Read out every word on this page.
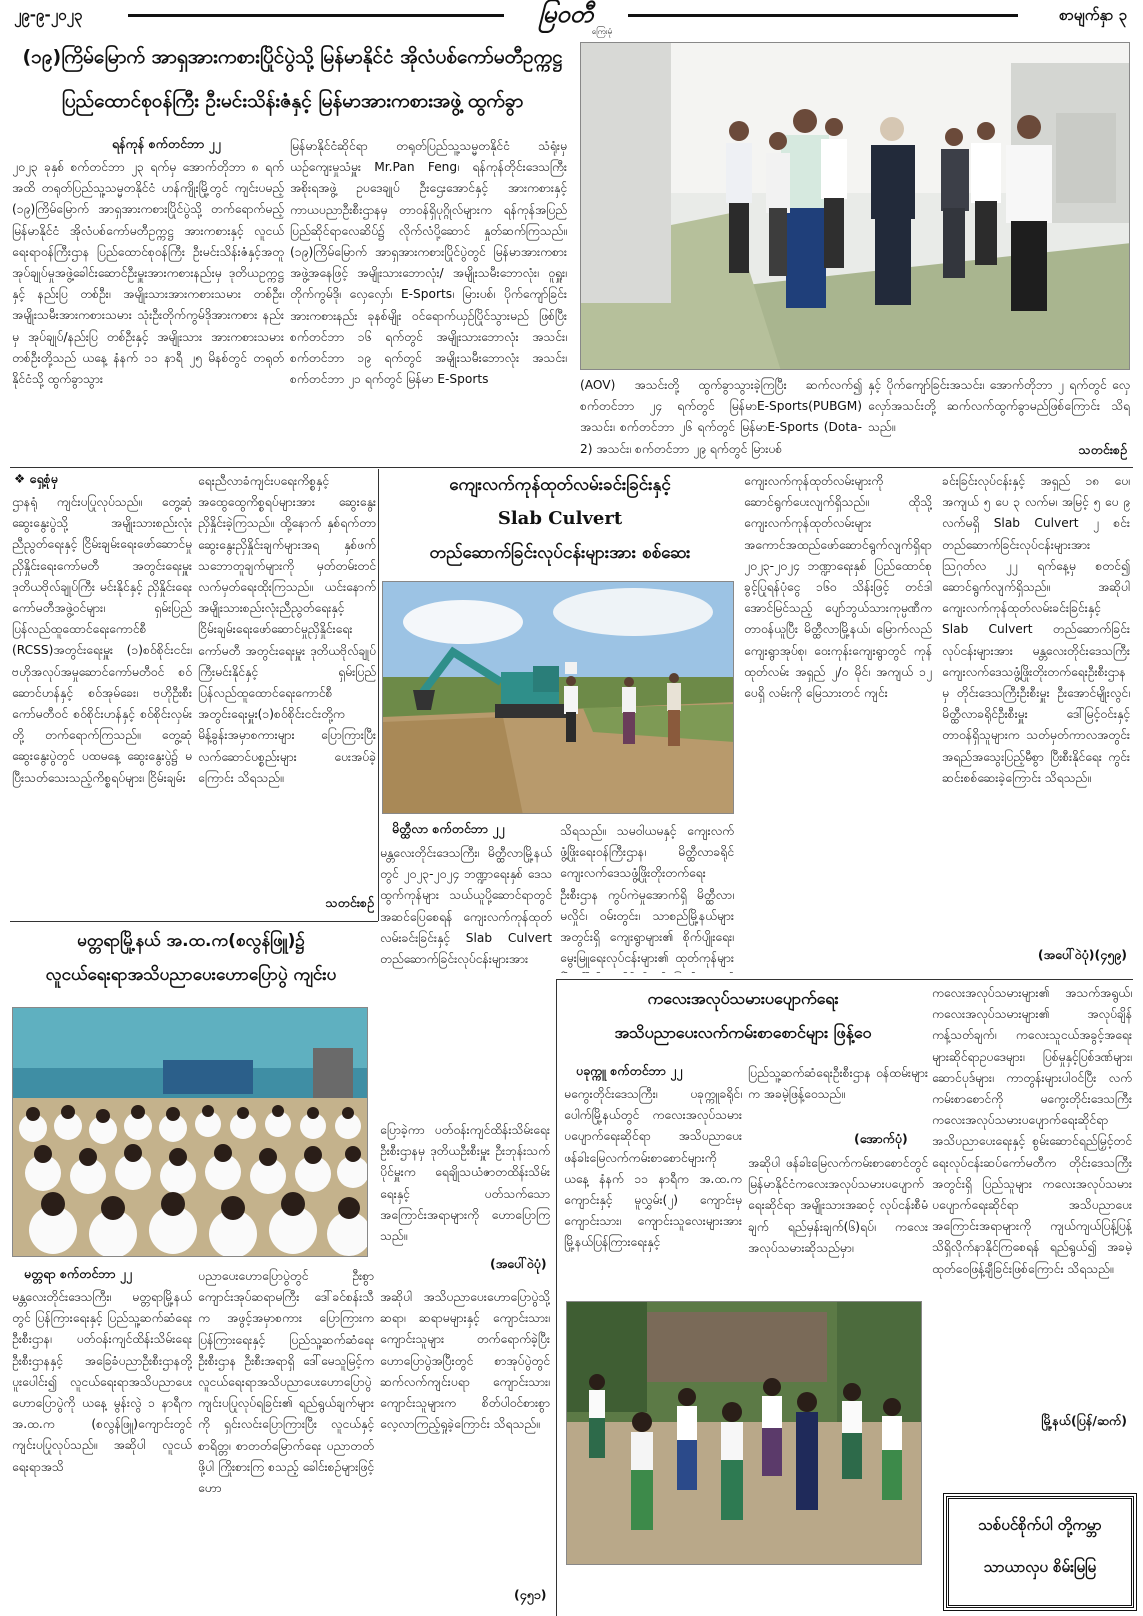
၂၉-၉-၂၀၂၃	မြဝတီ
ကြေးမုံ
စာမျက်နှာ ၃
(၁၉)ကြိမ်မြောက် အာရှအားကစားပြိုင်ပွဲသို့ မြန်မာနိုင်ငံ အိုလံပစ်ကော်မတီဥက္ကဋ္ဌ
ပြည်ထောင်စုဝန်ကြီး ဦးမင်းသိန်းဇံနှင့် မြန်မာအားကစားအဖွဲ့ ထွက်ခွာ
ရန်ကုန် စက်တင်ဘာ ၂၂
၂၀၂၃ ခုနှစ် စက်တင်ဘာ ၂၃ ရက်မှ အောက်တိုဘာ ၈ ရက်အထိ တရုတ်ပြည်သူ့သမ္မတနိုင်ငံ ဟန်ကျိုးမြို့တွင် ကျင်းပမည့် (၁၉)ကြိမ်မြောက် အာရှအားကစားပြိုင်ပွဲသို့ တက်ရောက်မည့် မြန်မာနိုင်ငံ အိုလံပစ်ကော်မတီဥက္ကဋ္ဌ အားကစားနှင့် လူငယ်ရေးရာဝန်ကြီးဌာန ပြည်ထောင်စုဝန်ကြီး ဦးမင်းသိန်းဇံနှင့်အတူ အုပ်ချုပ်မှုအဖွဲ့ခေါင်းဆောင်ဦးမှူးအားကစားနည်းမှ ဒုတိယဥက္ကဋ္ဌနှင့် နည်းပြ တစ်ဦး၊ အမျိုးသားအားကစားသမား တစ်ဦး၊ အမျိုးသမီးအားကစားသမား သုံးဦးတိုက်ကွမ်ဒိုအားကစား နည်းမှ အုပ်ချုပ်/နည်းပြ တစ်ဦးနှင့် အမျိုးသား အားကစားသမား တစ်ဦးတို့သည် ယနေ့ နံနက် ၁၁ နာရီ ၂၅ မိနစ်တွင် တရုတ်နိုင်ငံသို့ ထွက်ခွာသွား
မြန်မာနိုင်ငံဆိုင်ရာ တရုတ်ပြည်သူ့သမ္မတနိုင်ငံ သံရုံးမှ ယဉ်ကျေးမှုသံမှူး Mr.Pan Feng၊ ရန်ကုန်တိုင်းဒေသကြီးအစိုးရအဖွဲ့ ဥပဒေချုပ် ဦးဌေးအောင်နှင့် အားကစားနှင့် ကာယပညာဦးစီးဌာနမှ တာဝန်ရှိပုဂ္ဂိုလ်များက ရန်ကုန်အပြည်ပြည်ဆိုင်ရာလေဆိပ်၌ လိုက်လံပို့ဆောင် နှုတ်ဆက်ကြသည်။ (၁၉)ကြိမ်မြောက် အာရှအားကစားပြိုင်ပွဲတွင် မြန်မာအားကစားအဖွဲ့အနေဖြင့် အမျိုးသားဘောလုံး/ အမျိုးသမီးဘောလုံး၊ ဝူရှူး၊ တိုက်ကွမ်ဒို၊ လှေလှော်၊ E-Sports၊ မြားပစ်၊ ပိုက်ကျော်ခြင်း အားကစားနည်း ခုနစ်မျိုး ဝင်ရောက်ယှဉ်ပြိုင်သွားမည် ဖြစ်ပြီး စက်တင်ဘာ ၁၆ ရက်တွင် အမျိုးသားဘောလုံး အသင်း၊ စက်တင်ဘာ ၁၉ ရက်တွင် အမျိုးသမီးဘောလုံး အသင်း၊ စက်တင်ဘာ ၂၁ ရက်တွင် မြန်မာ E-Sports	(AOV) အသင်းတို့ ထွက်ခွာသွားခဲ့ကြပြီး ဆက်လက်၍ စက်တင်ဘာ ၂၄ ရက်တွင် မြန်မာE-Sports(PUBGM) အသင်း၊ စက်တင်ဘာ ၂၆ ရက်တွင် မြန်မာE-Sports (Dota-2) အသင်း၊ စက်တင်ဘာ ၂၉ ရက်တွင် မြားပစ်
နှင့် ပိုက်ကျော်ခြင်းအသင်း၊ အောက်တိုဘာ ၂ ရက်တွင် လှေလှော်အသင်းတို့ ဆက်လက်ထွက်ခွာမည်ဖြစ်ကြောင်း သိရသည်။
သတင်းစဉ်
❖ ရှေ့စုံမှ
ဌာနရုံ ကျင်းပပြုလုပ်သည်။ တွေ့ဆုံဆွေးနွေးပွဲသို့ အမျိုးသားစည်းလုံးညီညွတ်ရေးနှင့် ငြိမ်းချမ်းရေးဖော်ဆောင်မှု ညှိနှိုင်းရေးကော်မတီ အတွင်းရေးမှူး ဒုတိယဗိုလ်ချုပ်ကြီး မင်းနိုင်နှင့် ညှိနှိုင်းရေးကော်မတီအဖွဲ့ဝင်များ၊ ရှမ်းပြည်ပြန်လည်ထူထောင်ရေးကောင်စီ (RCSS)အတွင်းရေးမှူး (၁)စဝ်စိုင်းငင်း၊ ဗဟိုအလုပ်အမှုဆောင်ကော်မတီဝင် စဝ်ဆောင်ဟန်နှင့် စဝ်အုမ်ခေး၊ ဗဟိုဦးစီးကော်မတီဝင် စဝ်စိုင်းဟန်နှင့် စဝ်စိုင်းလှမ်းတို့ တက်ရောက်ကြသည်။ တွေ့ဆုံဆွေးနွေးပွဲတွင် ပထမနေ့ ဆွေးနွေးပွဲ၌ မပြီးသတ်သေးသည့်ကိစ္စရပ်များ၊ ငြိမ်းချမ်း
ရေးညီလာခံကျင်းပရေးကိစ္စနှင့် အထွေထွေကိစ္စရပ်များအား ဆွေးနွေးညှိနှိုင်းခဲ့ကြသည်။ ထို့နောက် နှစ်ရက်တာ ဆွေးနွေးညှိနှိုင်းချက်များအရ နှစ်ဖက်သဘောတူချက်များကို မှတ်တမ်းတင်လက်မှတ်ရေးထိုးကြသည်။ ယင်းနောက် အမျိုးသားစည်းလုံးညီညွတ်ရေးနှင့် ငြိမ်းချမ်းရေးဖော်ဆောင်မှုညှိနှိုင်းရေးကော်မတီ အတွင်းရေးမှူး ဒုတိယဗိုလ်ချုပ်ကြီးမင်းနိုင်နှင့် ရှမ်းပြည်ပြန်လည်ထူထောင်ရေးကောင်စီ အတွင်းရေးမှူး(၁)စဝ်စိုင်းငင်းတို့က မိန့်ခွန်းအမှာစကားများ ပြောကြားပြီး လက်ဆောင်ပစ္စည်းများ ပေးအပ်ခဲ့ကြောင်း သိရသည်။
သတင်းစဉ်
ကျေးလက်ကုန်ထုတ်လမ်းခင်းခြင်းနှင့်
Slab Culvert
တည်ဆောက်ခြင်းလုပ်ငန်းများအား စစ်ဆေး
မိတ္ထီလာ စက်တင်ဘာ ၂၂
မန္တလေးတိုင်းဒေသကြီး၊ မိတ္ထီလာမြို့နယ်တွင် ၂၀၂၃-၂၀၂၄ ဘဏ္ဍာရေးနှစ် ဒေသထွက်ကုန်များ သယ်ယူပို့ဆောင်ရာတွင် အဆင်ပြေစေရန် ကျေးလက်ကုန်ထုတ်လမ်းခင်းခြင်းနှင့် Slab Culvert တည်ဆောက်ခြင်းလုပ်ငန်းများအား
သိရသည်။ သမဝါယမနှင့် ကျေးလက်ဖွံ့ဖြိုးရေးဝန်ကြီးဌာန၊ မိတ္ထီလာခရိုင်ကျေးလက်ဒေသဖွံ့ဖြိုးတိုးတက်ရေးဦးစီးဌာန ကွပ်ကဲမှုအောက်ရှိ မိတ္ထီလာ၊ မလှိုင်၊ ဝမ်းတွင်း၊ သာစည်မြို့နယ်များအတွင်းရှိ ကျေးရွာများ၏ စိုက်ပျိုးရေး၊ မွေးမြူရေးလုပ်ငန်းများ၏ ထုတ်ကုန်များ
ကျေးလက်ကုန်ထုတ်လမ်းများကို ဆောင်ရွက်ပေးလျက်ရှိသည်။ ထိုသို့ ကျေးလက်ကုန်ထုတ်လမ်းများ အကောင်အထည်ဖော်ဆောင်ရွက်လျက်ရှိရာ ၂၀၂၃-၂၀၂၄ ဘဏ္ဍာရေးနှစ် ပြည်ထောင်စုခွင့်ပြုရန်ပုံငွေ ၁၆၀ သိန်းဖြင့် တင်ဒါအောင်မြင်သည့် ပျော်ဘွယ်သားကုမ္ပဏီက တာဝန်ယူပြီး မိတ္ထီလာမြို့နယ်၊ မြောက်လည်ကျေးရွာအုပ်စု၊ ဝေးကုန်းကျေးရွာတွင် ကုန်ထုတ်လမ်း အရှည် ၂/၀ မိုင်၊ အကျယ် ၁၂ ပေရှိ လမ်းကို မြေသားတင် ကျင်း
ခင်းခြင်းလုပ်ငန်းနှင့် အရှည် ၁၈ ပေ၊ အကျယ် ၅ ပေ ၃ လက်မ၊ အမြင့် ၅ ပေ ၉ လက်မရှိ Slab Culvert ၂ စင်း တည်ဆောက်ခြင်းလုပ်ငန်းများအား ဩဂုတ်လ ၂၂ ရက်နေ့မှ စတင်၍ ဆောင်ရွက်လျက်ရှိသည်။ အဆိုပါ ကျေးလက်ကုန်ထုတ်လမ်းခင်းခြင်းနှင့် Slab Culvert တည်ဆောက်ခြင်းလုပ်ငန်းများအား မန္တလေးတိုင်းဒေသကြီး ကျေးလက်ဒေသဖွံ့ဖြိုးတိုးတက်ရေးဦးစီးဌာနမှ တိုင်းဒေသကြီးဦးစီးမှူး ဦးအောင်မျိုးလွင်၊ မိတ္ထီလာခရိုင်ဦးစီးမှူး ဒေါ်မြင့်ဝင်းနှင့် တာဝန်ရှိသူများက သတ်မှတ်ကာလအတွင်း အရည်အသွေးပြည့်မီစွာ ပြီးစီးနိုင်ရေး ကွင်းဆင်းစစ်ဆေးခဲ့ကြောင်း သိရသည်။
(အပေါ်ဝဲပုံ)(၄၅၉)
မတ္တရာမြို့နယ် အ.ထ.က(စလွန်ဖြူ)၌
လူငယ်ရေးရာအသိပညာပေးဟောပြောပွဲ ကျင်းပ
မတ္တရာ စက်တင်ဘာ ၂၂
မန္တလေးတိုင်းဒေသကြီး၊ မတ္တရာမြို့နယ်တွင် ပြန်ကြားရေးနှင့် ပြည်သူ့ဆက်ဆံရေးဦးစီးဌာန၊ ပတ်ဝန်းကျင်ထိန်းသိမ်းရေးဦးစီးဌာနနှင့် အခြေခံပညာဦးစီးဌာနတို့ ပူးပေါင်း၍ လူငယ်ရေးရာအသိပညာပေးဟောပြောပွဲကို ယနေ့ မွန်းလွဲ ၁ နာရီက အ.ထ.က (စလွန်ဖြူ)ကျောင်းတွင် ကျင်းပပြုလုပ်သည်။ အဆိုပါ လူငယ်ရေးရာအသိ
ပညာပေးဟောပြောပွဲတွင် ဦးစွာ ကျောင်းအုပ်ဆရာမကြီး ဒေါ်ခင်စန်းသီက အဖွင့်အမှာစကား ပြောကြားက ပြန်ကြားရေးနှင့် ပြည်သူ့ဆက်ဆံရေးဦးစီးဌာန ဦးစီးအရာရှိ ဒေါ်မေသူမြင့်က လူငယ်ရေးရာအသိပညာပေးဟောပြောပွဲ ကျင်းပပြုလုပ်ရခြင်း၏ ရည်ရွယ်ချက်များကို ရှင်းလင်းပြောကြားပြီး လူငယ်နှင့် စာရိတ္တ၊ စာတတ်မြောက်ရေး ပညာတတ်ဖို့ပါ ကြိုးစားကြ စသည့် ခေါင်းစဉ်များဖြင့် ဟော
ပြောခဲ့ကာ ပတ်ဝန်းကျင်ထိန်းသိမ်းရေးဦးစီးဌာနမှ ဒုတိယဦးစီးမှူး ဦးဘုန်းသက်ပိုင်မှူးက ရေချိုသယံဇာတထိန်းသိမ်းရေးနှင့် ပတ်သက်သော အကြောင်းအရာများကို ဟောပြောကြသည်။
(အပေါ်ဝဲပုံ)
အဆိုပါ အသိပညာပေးဟောပြောပွဲသို့ ဆရာ၊ ဆရာမများနှင့် ကျောင်းသား၊ ကျောင်းသူများ တက်ရောက်ခဲ့ပြီး ဟောပြောပွဲအပြီးတွင် စာအုပ်ပွဲတွင် ဆက်လက်ကျင်းပရာ ကျောင်းသား၊ ကျောင်းသူများက စိတ်ပါဝင်စားစွာ လေ့လာကြည့်ရှုခဲ့ကြောင်း သိရသည်။
(၄၅၁)
ကလေးအလုပ်သမားပပျောက်ရေး
အသိပညာပေးလက်ကမ်းစာစောင်များ ဖြန့်ဝေ
ပခုက္ကူ စက်တင်ဘာ ၂၂
မကွေးတိုင်းဒေသကြီး၊ ပခုက္ကူခရိုင်၊ ပေါက်မြို့နယ်တွင် ကလေးအလုပ်သမားပပျောက်ရေးဆိုင်ရာ အသိပညာပေး ဖန်ခါးမြေလက်ကမ်းစာစောင်များကို ယနေ့ နံနက် ၁၁ နာရီက အ.ထ.က ကျောင်းနှင့် မူလွှမ်း(၂) ကျောင်းမှ ကျောင်းသား၊ ကျောင်းသူလေးများအား မြို့နယ်ပြန်ကြားရေးနှင့်
ပြည်သူ့ဆက်ဆံရေးဦးစီးဌာန ဝန်ထမ်းများက အခမဲ့ဖြန့်ဝေသည်။
(အောက်ပုံ)
အဆိုပါ ဖန်ခါးမြေလက်ကမ်းစာစောင်တွင် မြန်မာနိုင်ငံကလေးအလုပ်သမားပပျောက်ရေးဆိုင်ရာ အမျိုးသားအဆင့် လုပ်ငန်းစီမံချက် ရည်မှန်းချက်(၆)ရပ်၊ ကလေးအလုပ်သမားဆိုသည်မှာ၊
ကလေးအလုပ်သမားများ၏ အသက်အရွယ်၊ ကလေးအလုပ်သမားများ၏ အလုပ်ချိန်ကန့်သတ်ချက်၊ ကလေးသူငယ်အခွင့်အရေးများဆိုင်ရာဥပဒေများ၊ ပြစ်မှုနှင့်ပြစ်ဒဏ်များ၊ ဆောင်ပုဒ်များ၊ ကာတွန်းများပါဝင်ပြီး လက်ကမ်းစာစောင်ကို မကွေးတိုင်းဒေသကြီး ကလေးအလုပ်သမားပပျောက်ရေးဆိုင်ရာအသိပညာပေးရေးနှင့် စွမ်းဆောင်ရည်မြှင့်တင်ရေးလုပ်ငန်းဆပ်ကော်မတီက တိုင်းဒေသကြီးအတွင်းရှိ ပြည်သူများ ကလေးအလုပ်သမားပပျောက်ရေးဆိုင်ရာ အသိပညာပေးအကြောင်းအရာများကို ကျယ်ကျယ်ပြန့်ပြန့်သိရှိလိုက်နာနိုင်ကြစေရန် ရည်ရွယ်၍ အခမဲ့ထုတ်ဝေဖြန့်ချီခြင်းဖြစ်ကြောင်း သိရသည်။
မြို့နယ်(ပြန်/ဆက်)
သစ်ပင်စိုက်ပါ တို့ကမ္ဘာ
သာယာလှပ စိမ်းမြမြ
